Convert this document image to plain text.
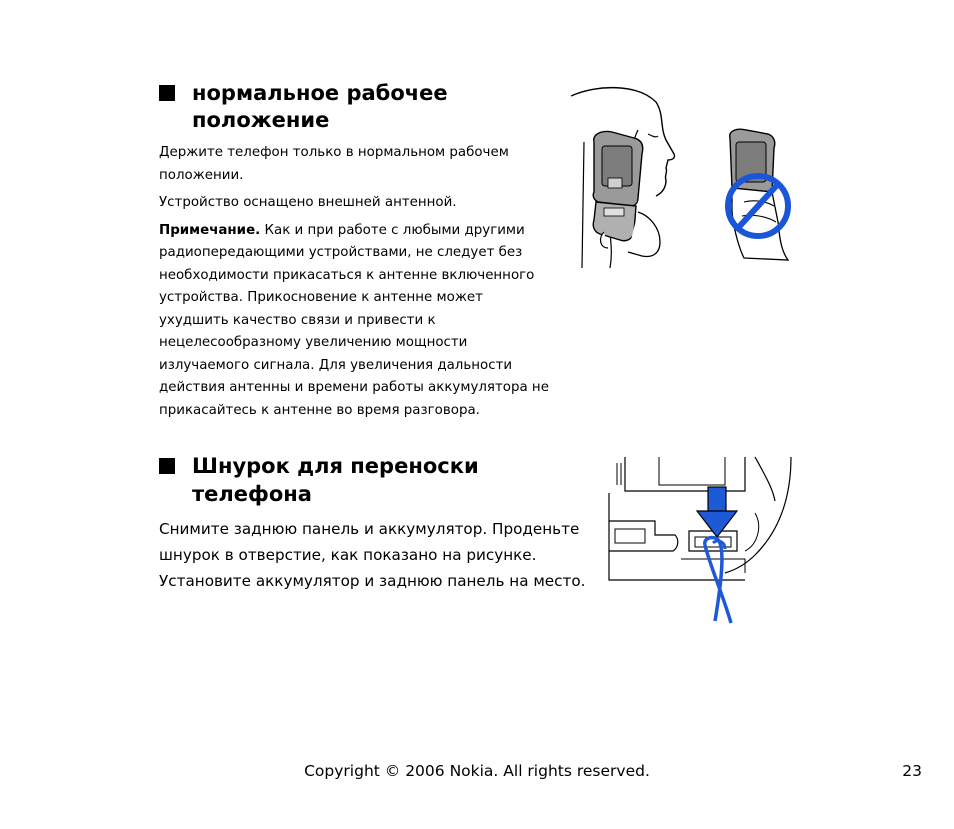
нормальное рабочее положение

Держите телефон только в нормальном рабочем положении.

Устройство оснащено внешней антенной.

Примечание. Как и при работе с любыми другими радиопередающими устройствами, не следует без необходимости прикасаться к антенне включенного устройства. Прикосновение к антенне может ухудшить качество связи и привести к нецелесообразному увеличению мощности излучаемого сигнала. Для увеличения дальности действия антенны и времени работы аккумулятора не прикасайтесь к антенне во время разговора.

Шнурок для переноски телефона

Снимите заднюю панель и аккумулятор. Проденьте шнурок в отверстие, как показано на рисунке. Установите аккумулятор и заднюю панель на место.

Copyright © 2006 Nokia. All rights reserved.	23
